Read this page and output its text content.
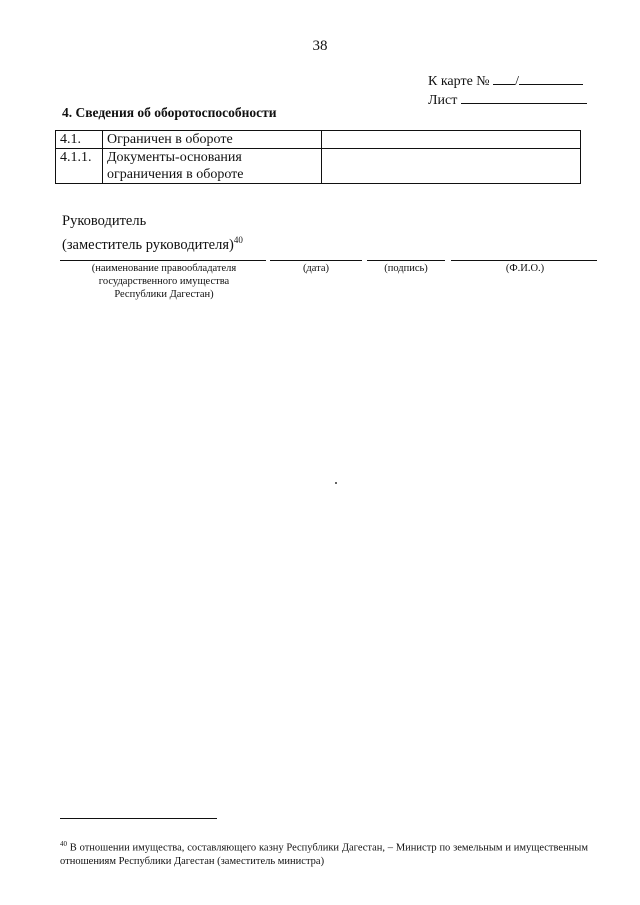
38
К карте № /
Лист
4. Сведения об оборотоспособности
4.1.	Ограничен в обороте	
4.1.1.	Документы-основания ограничения в обороте	
Руководитель
(заместитель руководителя)$^{40}$
(наименование правообладателя государственного имущества Республики Дагестан)
(дата)	(подпись)	(Ф.И.О.)
$^{40}$ В отношении имущества, составляющего казну Республики Дагестан, – Министр по земельным и имущественным отношениям Республики Дагестан (заместитель министра)
